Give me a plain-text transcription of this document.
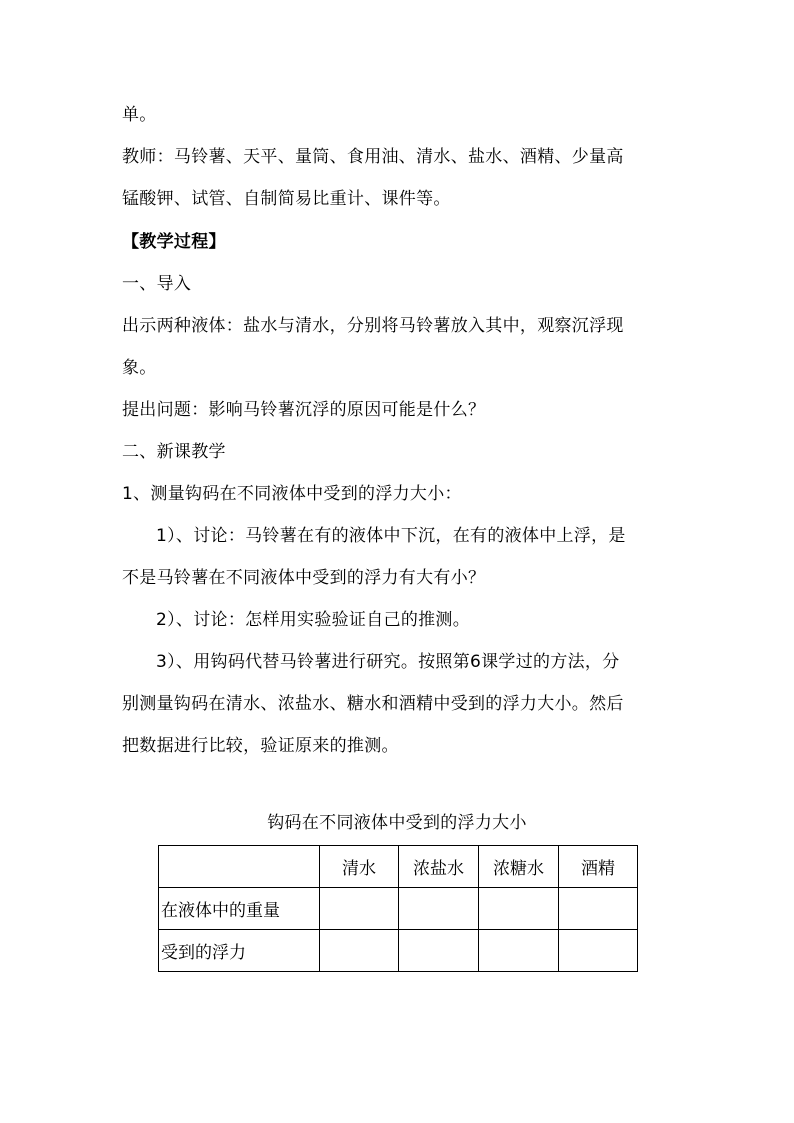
单。
教师：马铃薯、天平、量筒、食用油、清水、盐水、酒精、少量高
锰酸钾、试管、自制简易比重计、课件等。
【教学过程】
一、导入
出示两种液体：盐水与清水，分别将马铃薯放入其中，观察沉浮现
象。
提出问题：影响马铃薯沉浮的原因可能是什么？
二、新课教学
1、测量钩码在不同液体中受到的浮力大小：
1）、讨论：马铃薯在有的液体中下沉，在有的液体中上浮，是
不是马铃薯在不同液体中受到的浮力有大有小？
2）、讨论：怎样用实验验证自己的推测。
3）、用钩码代替马铃薯进行研究。按照第6课学过的方法，分
别测量钩码在清水、浓盐水、糖水和酒精中受到的浮力大小。然后
把数据进行比较，验证原来的推测。
钩码在不同液体中受到的浮力大小
	清水	浓盐水	浓糖水	酒精
在液体中的重量				
受到的浮力				
